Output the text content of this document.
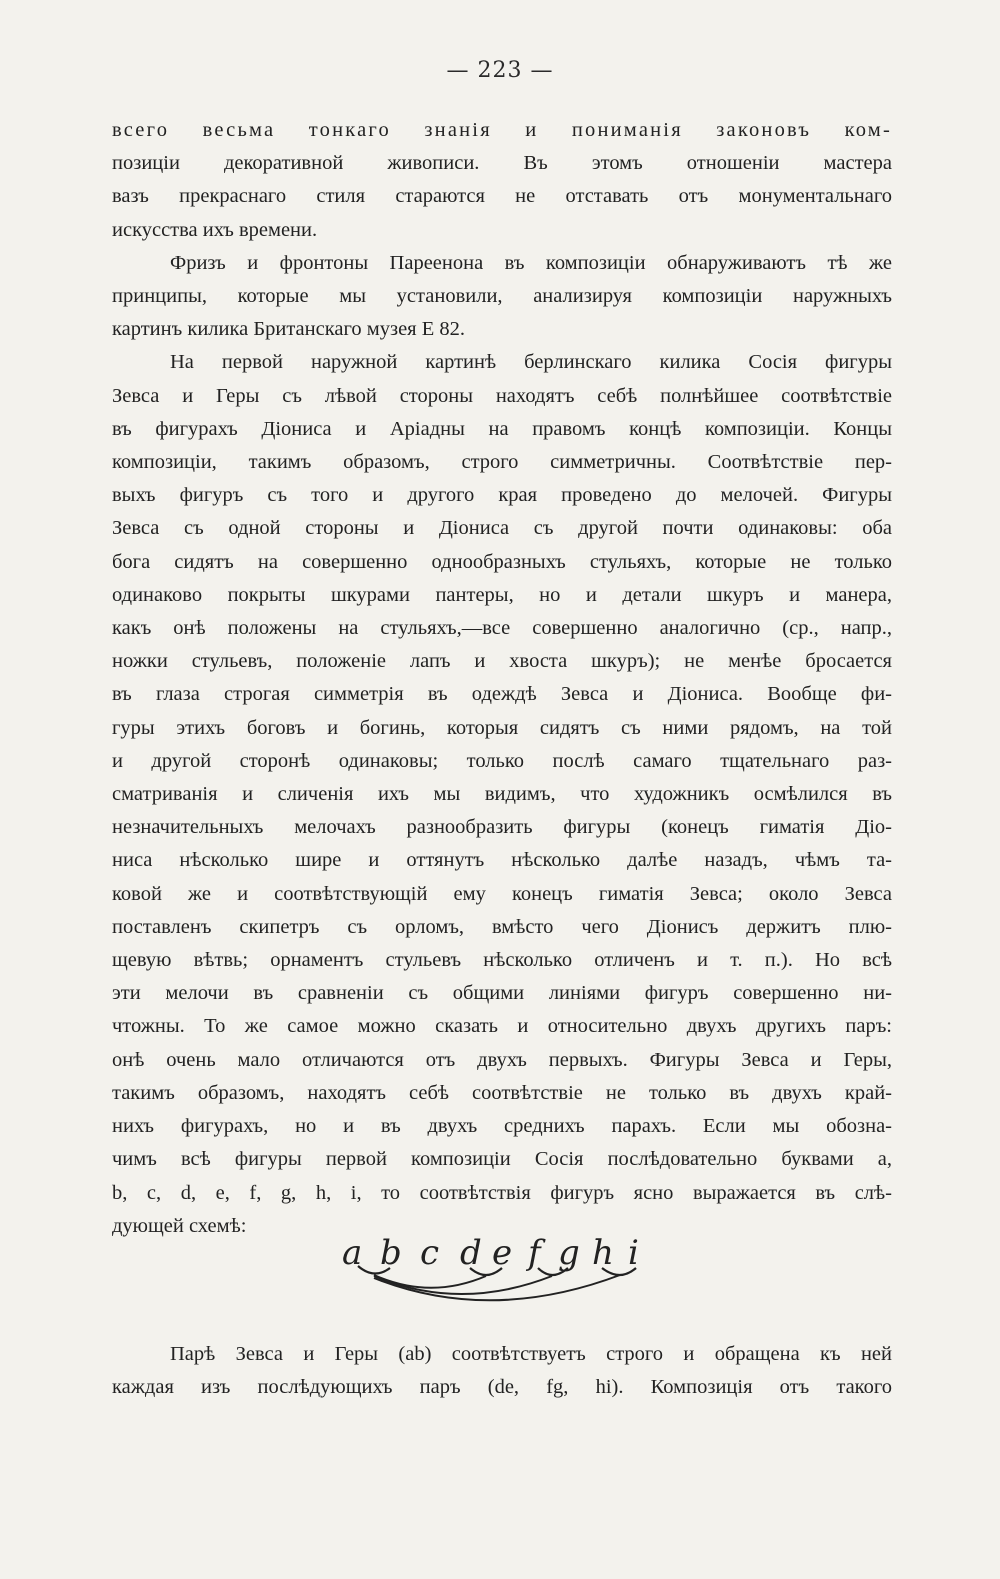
— 223 —
всего весьма тонкаго знанія и пониманія законовъ ком-
позиціи декоративной живописи. Въ этомъ отношеніи мастера
вазъ прекраснаго стиля стараются не отставать отъ монументальнаго
искусства ихъ времени.
Фризъ и фронтоны Пареенона въ композиціи обнаруживаютъ тѣ же
принципы, которые мы установили, анализируя композиціи наружныхъ
картинъ килика Британскаго музея Е 82.
На первой наружной картинѣ берлинскаго килика Сосія фигуры
Зевса и Геры съ лѣвой стороны находятъ себѣ полнѣйшее соотвѣтствіе
въ фигурахъ Діониса и Аріадны на правомъ концѣ композиціи. Концы
композиціи, такимъ образомъ, строго симметричны. Соотвѣтствіе пер-
выхъ фигуръ съ того и другого края проведено до мелочей. Фигуры
Зевса съ одной стороны и Діониса съ другой почти одинаковы: оба
бога сидятъ на совершенно однообразныхъ стульяхъ, которые не только
одинаково покрыты шкурами пантеры, но и детали шкуръ и манера,
какъ онѣ положены на стульяхъ,—все совершенно аналогично (ср., напр.,
ножки стульевъ, положеніе лапъ и хвоста шкуръ); не менѣе бросается
въ глаза строгая симметрія въ одеждѣ Зевса и Діониса. Вообще фи-
гуры этихъ боговъ и богинь, которыя сидятъ съ ними рядомъ, на той
и другой сторонѣ одинаковы; только послѣ самаго тщательнаго раз-
сматриванія и сличенія ихъ мы видимъ, что художникъ осмѣлился въ
незначительныхъ мелочахъ разнообразить фигуры (конецъ гиматія Діо-
ниса нѣсколько шире и оттянутъ нѣсколько далѣе назадъ, чѣмъ та-
ковой же и соотвѣтствующій ему конецъ гиматія Зевса; около Зевса
поставленъ скипетръ съ орломъ, вмѣсто чего Діонисъ держитъ плю-
щевую вѣтвь; орнаментъ стульевъ нѣсколько отличенъ и т. п.). Но всѣ
эти мелочи въ сравненіи съ общими линіями фигуръ совершенно ни-
чтожны. То же самое можно сказать и относительно двухъ другихъ паръ:
онѣ очень мало отличаются отъ двухъ первыхъ. Фигуры Зевса и Геры,
такимъ образомъ, находятъ себѣ соотвѣтствіе не только въ двухъ край-
нихъ фигурахъ, но и въ двухъ среднихъ парахъ. Если мы обозна-
чимъ всѣ фигуры первой композиціи Сосія послѣдовательно буквами a,
b, c, d, e, f, g, h, i, то соотвѣтствія фигуръ ясно выражается въ слѣ-
дующей схемѣ:
a b c d e f g h i
Парѣ Зевса и Геры (ab) соотвѣтствуетъ строго и обращена къ ней
каждая изъ послѣдующихъ паръ (de, fg, hi). Композиція отъ такого
